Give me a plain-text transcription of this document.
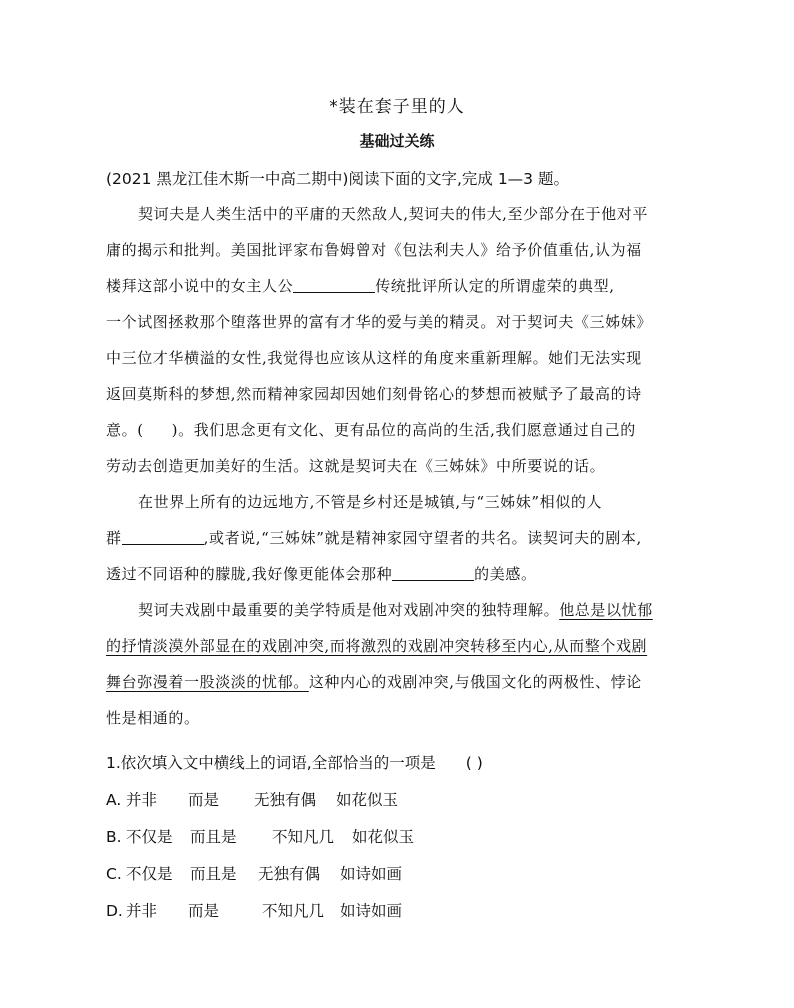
*装在套子里的人
基础过关练
(2021 黑龙江佳木斯一中高二期中)阅读下面的文字,完成 1—3 题。
契诃夫是人类生活中的平庸的天然敌人,契诃夫的伟大,至少部分在于他对平
庸的揭示和批判。美国批评家布鲁姆曾对《包法利夫人》给予价值重估,认为福
楼拜这部小说中的女主人公	传统批评所认定的所谓虚荣的典型,
一个试图拯救那个堕落世界的富有才华的爱与美的精灵。对于契诃夫《三姊妹》
中三位才华横溢的女性,我觉得也应该从这样的角度来重新理解。她们无法实现
返回莫斯科的梦想,然而精神家园却因她们刻骨铭心的梦想而被赋予了最高的诗
意。( )。我们思念更有文化、更有品位的高尚的生活,我们愿意通过自己的
劳动去创造更加美好的生活。这就是契诃夫在《三姊妹》中所要说的话。
在世界上所有的边远地方,不管是乡村还是城镇,与“三姊妹”相似的人
群	,或者说,“三姊妹”就是精神家园守望者的共名。读契诃夫的剧本,
透过不同语种的朦胧,我好像更能体会那种	的美感。
契诃夫戏剧中最重要的美学特质是他对戏剧冲突的独特理解。他总是以忧郁
的抒情淡漠外部显在的戏剧冲突,而将激烈的戏剧冲突转移至内心,从而整个戏剧
舞台弥漫着一股淡淡的忧郁。这种内心的戏剧冲突,与俄国文化的两极性、悖论
性是相通的。
1.依次填入文中横线上的词语,全部恰当的一项是 ( )
A. 并非 而是 无独有偶 如花似玉
B. 不仅是 而且是 不知凡几 如花似玉
C. 不仅是 而且是 无独有偶 如诗如画
D. 并非 而是	不知凡几 如诗如画
